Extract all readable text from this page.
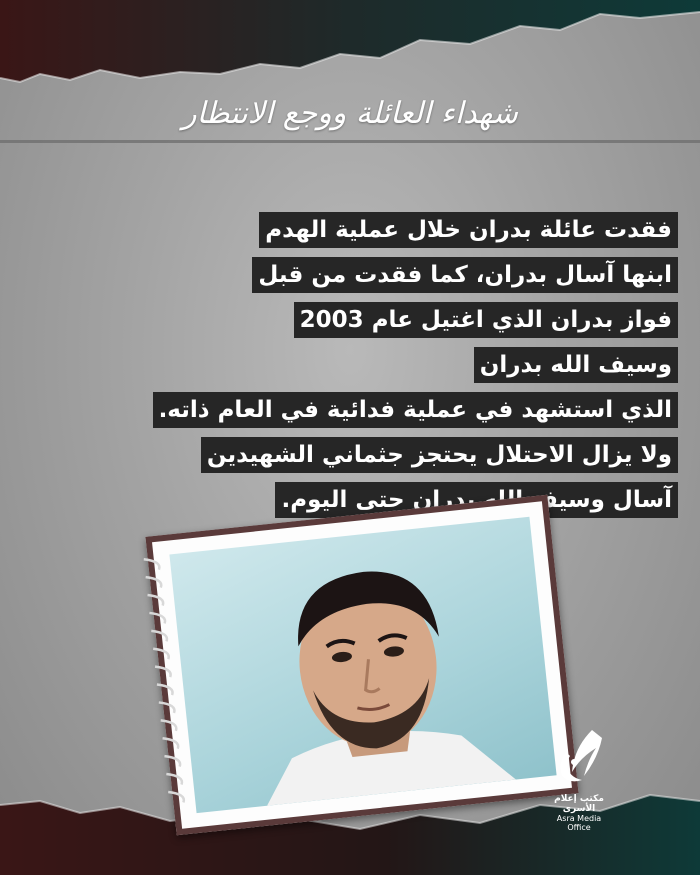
شهداء العائلة ووجع الانتظار
فقدت عائلة بدران خلال عملية الهدم
ابنها آسال بدران، كما فقدت من قبل
فواز بدران الذي اغتيل عام 2003
وسيف الله بدران
الذي استشهد في عملية فدائية في العام ذاته.
ولا يزال الاحتلال يحتجز جثماني الشهيدين
آسال وسيف الله بدران حتى اليوم.
مكتب إعلام الأسرى
Asra Media Office
